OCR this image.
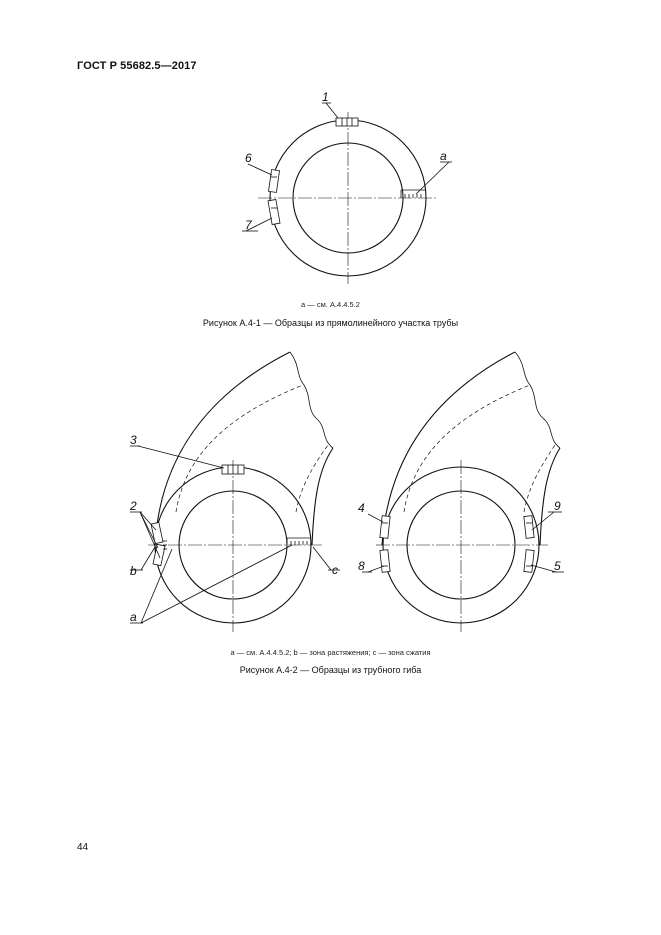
ГОСТ Р 55682.5—2017
1
6
7
a
3
2
b
a
c
4
8
9
5
a — см. А.4.4.5.2
Рисунок А.4-1 — Образцы из прямолинейного участка трубы
a — см. А.4.4.5.2; b — зона растяжения; c — зона сжатия
Рисунок А.4-2 — Образцы из трубного гиба
44
